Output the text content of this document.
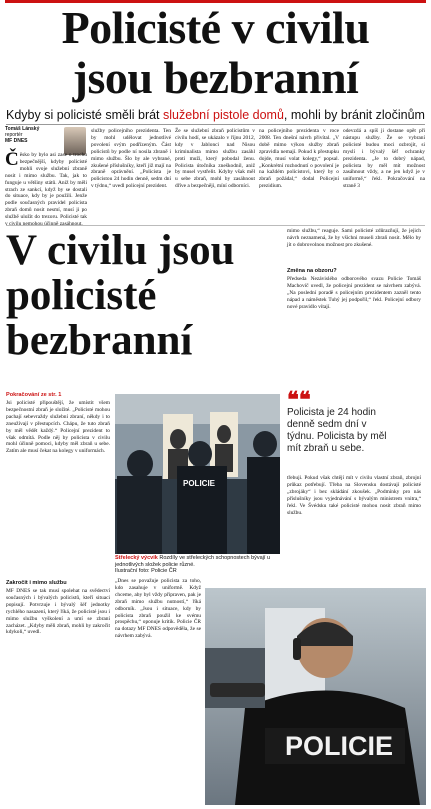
Policisté v civilu
jsou bezbranní
Kdyby si policisté směli brát služební pistole domů, mohli by bránit zločinům
Tomáš Lánský
reportér

MF DNES
Č ěsko by bylo asi zase o trochu bezpečnější, kdyby policisté mohli svoje služební zbraně nosit i mimo službu. Tak, jak to funguje u většiny států. Aniž by měli strach ze sankcí, když by se dostali do situace, kdy by je použili. Jenže podle současných pravidel policista zbraň domů nosit nesmí, musí ji po službě uložit do trezoru. Policisté tak

služby policejního prezidenta. Ten by mohl udělovat jednotlivé povolení svým podřízeným. Část policistů by podle ní nosila zbraně i mimo službu. Šlo by ale vybrané, zkušené příslušníky, kteří již mají na zbraně oprávnění. „Policista je policistou 24 hodin denně, sedm dní v týdnu,“ uvedl policejní prezident.

Že se služební zbraň policistům v civilu hodí, se ukázalo v říjnu 2012, kdy v Jablonci nad Nisou kriminalista mimo službu zasáhl proti muži, který pobodal ženu. Policista útočníka zneškodnil, aniž by musel vystřelit. Kdyby však měl u sebe zbraň, mohl by zasáhnout dříve a bezpečněji, míní odborníci.

na policejního prezidenta v roce 2008. Ten dnešní návrh přivítal. „V době mimo výkon služby zbraň zpravidla nemají. Pokud k přestupku dojde, musí volat kolegy,“ popsal. „Konkrétní rozhodnutí o povolení je na každém policistovi, který by o zbraň požádal,“ dodal Policejní prezidium.

odevzdá a spíš ji dostane opět při nástupu služby. Že se vybraní policisté budou moci ozbrojit, si myslí i bývalý šéf ochranky prezidenta. „Je to dobrý nápad, policista by měl mít možnost zasáhnout vždy, a ne jen když je v uniformě,“ řekl. Pokračování na straně 3

V civilu jsou
policisté
bezbranní
Pokračování ze str. 1

Jsi policisté připouštějí, že umístit všem bezpečnostní zbraň je složité. „Policisté mohou pachají sebevraždy služební zbraní, někdy i to zneužívají v přestupcích. Chápu, že tuto zbraň by měl vědět každý.“ Policejní prezident to však odmítá. Podle něj by policista v civilu mohl účinně pomoci, kdyby měl zbraň u sebe. Zatím ale musí čekat na kolegy v uniformách.

Zakročit i mimo službu

MF DNES se tak musí spolehat na svědectví současných i bývalých policistů, kteří situaci popisují. Potvrzuje i bývalý šéf jednotky rychlého nasazení, který říká, že policisté jsou i mimo službu vyškolení a umí se zbraní zacházet. „Kdyby měli zbraň, mohli by zakročit kdykoli,“ uvedl.

mimo službu,“ reaguje. Sami policisté zdůrazňují, že jejich návrh neznamená, že by všichni museli zbraň nosit. Mělo by jít o dobrovolnou možnost pro zkušené.

Změna na obzoru?

Předseda Nezávislého odborového svazu Policie Tomáš Machovič uvedl, že policejní prezident se návrhem zabývá. „Na poslední poradě s policejním prezidentem zazněl tento nápad a náměstek Tuhý jej podpořil,“ řekl. Policejní odbory nové pravidlo vítají.

❝❝
Policista je 24 hodin denně sedm dní v týdnu. Policista by měl mít zbraň u sebe.

třebuji. Pokud však chtějí mít v civilu vlastní zbraň, zbrojní průkaz potřebují. Třeba na Slovensku dostávají policisté „zbrojáky“ i bez skládání zkoušek. „Podmínky pro nás příslušníky jsou vyjednávání s bývalým ministrem vnitra,“ řekl. Ve Švédsku také policisté mohou nosit zbraň mimo službu.

POLICIE
Střelecký výcvik Rozdíly ve střeleckých schopnostech bývají u jednotlivých složek policie různé.
Ilustrační foto: Policie ČR

„Dnes se považuje policista za toho, kdo zasahuje v uniformě. Když chceme, aby byl vždy připraven, pak je zbraň mimo službu nutností,“ říká odborník. „Jsou i situace, kdy by policista zbraň použil ke svému prospěchu,“ oponuje kritik. Policie ČR na dotazy MF DNES odpověděla, že se návrhem zabývá.

POLICIE
